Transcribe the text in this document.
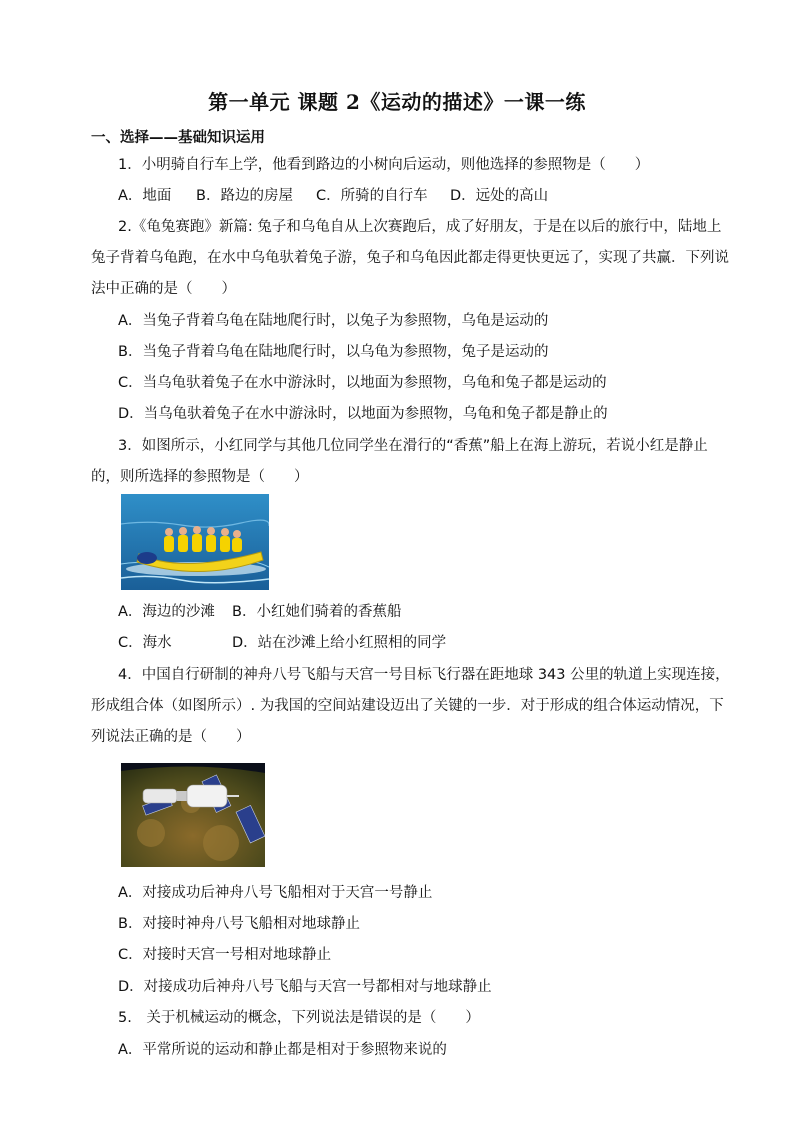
第一单元 课题 2《运动的描述》一课一练
一、选择——基础知识运用
1．小明骑自行车上学，他看到路边的小树向后运动，则他选择的参照物是（　　）
A．地面 B．路边的房屋 C．所骑的自行车 D．远处的高山
2.《龟兔赛跑》新篇: 兔子和乌龟自从上次赛跑后，成了好朋友，于是在以后的旅行中，陆地上
兔子背着乌龟跑，在水中乌龟驮着兔子游，兔子和乌龟因此都走得更快更远了，实现了共赢．下列说
法中正确的是（　　）
A．当兔子背着乌龟在陆地爬行时，以兔子为参照物，乌龟是运动的
B．当兔子背着乌龟在陆地爬行时，以乌龟为参照物，兔子是运动的
C．当乌龟驮着兔子在水中游泳时，以地面为参照物，乌龟和兔子都是运动的
D．当乌龟驮着兔子在水中游泳时，以地面为参照物，乌龟和兔子都是静止的
3．如图所示，小红同学与其他几位同学坐在滑行的“香蕉”船上在海上游玩，若说小红是静止
的，则所选择的参照物是（　　）
A．海边的沙滩 B．小红她们骑着的香蕉船
C．海水	D．站在沙滩上给小红照相的同学
4．中国自行研制的神舟八号飞船与天宫一号目标飞行器在距地球 343 公里的轨道上实现连接，
形成组合体（如图所示）. 为我国的空间站建设迈出了关键的一步．对于形成的组合体运动情况，下
列说法正确的是（　　）
A．对接成功后神舟八号飞船相对于天宫一号静止
B．对接时神舟八号飞船相对地球静止
C．对接时天宫一号相对地球静止
D．对接成功后神舟八号飞船与天宫一号都相对与地球静止
5.　关于机械运动的概念，下列说法是错误的是（　　）
A．平常所说的运动和静止都是相对于参照物来说的
